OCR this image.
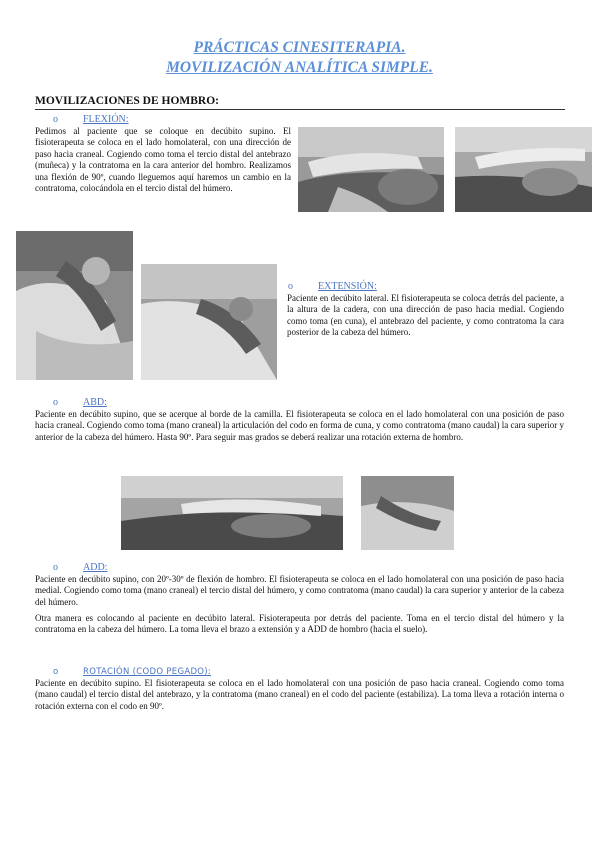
PRÁCTICAS CINESITERAPIA.
MOVILIZACIÓN ANALÍTICA SIMPLE.
MOVILIZACIONES DE HOMBRO:
o	FLEXIÓN:
Pedimos al paciente que se coloque en decúbito supino. El fisioterapeuta se coloca en el lado homolateral, con una dirección de paso hacia craneal. Cogiendo como toma el tercio distal del antebrazo (muñeca) y la contratoma en la cara anterior del hombro. Realizamos una flexión de 90º, cuando lleguemos aquí haremos un cambio en la contratoma, colocándola en el tercio distal del húmero.
o	EXTENSIÓN:
Paciente en decúbito lateral. El fisioterapeuta se coloca detrás del paciente, a la altura de la cadera, con una dirección de paso hacia medial. Cogiendo como toma (en cuna), el antebrazo del paciente, y como contratoma la cara posterior de la cabeza del húmero.
o	ABD:
Paciente en decúbito supino, que se acerque al borde de la camilla. El fisioterapeuta se coloca en el lado homolateral con una posición de paso hacia craneal. Cogiendo como toma (mano craneal) la articulación del codo en forma de cuna, y como contratoma (mano caudal) la cara superior y anterior de la cabeza del húmero. Hasta 90º. Para seguir mas grados se deberá realizar una rotación externa de hombro.
o	ADD:
Paciente en decúbito supino, con 20º-30º de flexión de hombro. El fisioterapeuta se coloca en el lado homolateral con una posición de paso hacia medial. Cogiendo como toma (mano craneal) el tercio distal del húmero, y como contratoma (mano caudal) la cara superior y anterior de la cabeza del húmero.
Otra manera es colocando al paciente en decúbito lateral. Fisioterapeuta por detrás del paciente. Toma en el tercio distal del húmero y la contratoma en la cabeza del húmero. La toma lleva el brazo a extensión y a ADD de hombro (hacia el suelo).
o	ROTACIÓN (CODO PEGADO):
Paciente en decúbito supino. El fisioterapeuta se coloca en el lado homolateral con una posición de paso hacia craneal. Cogiendo como toma (mano caudal) el tercio distal del antebrazo, y la contratoma (mano craneal) en el codo del paciente (estabiliza). La toma lleva a rotación interna o rotación externa con el codo en 90º.
